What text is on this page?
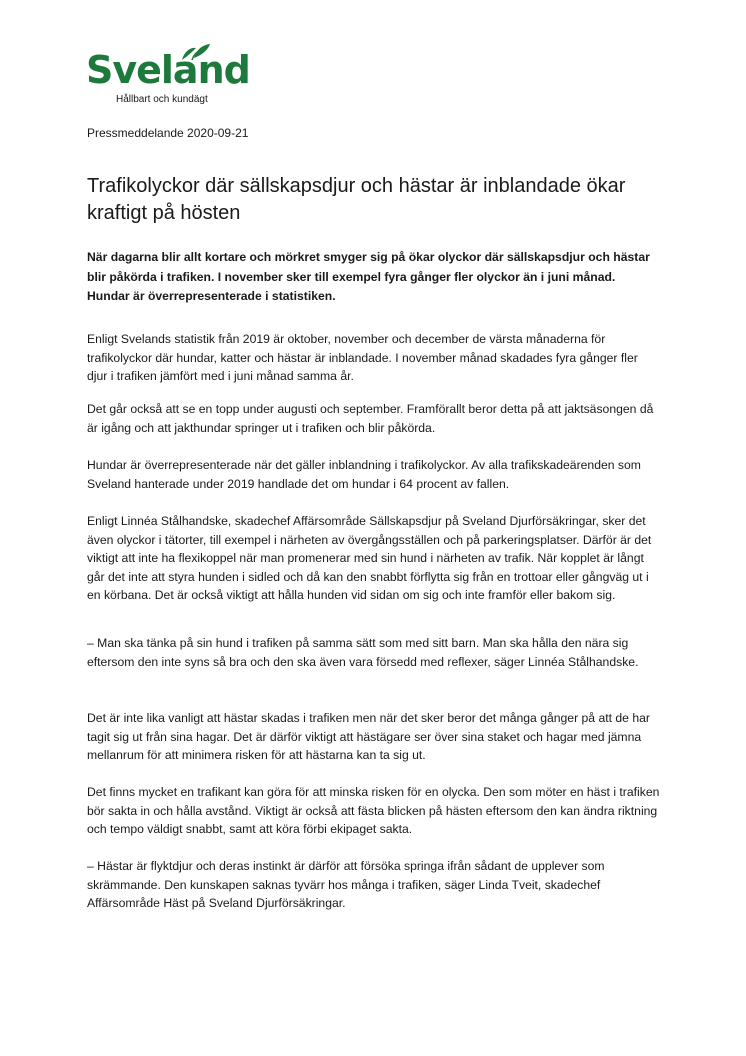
Sveland
Hållbart och kundägt
Pressmeddelande 2020-09-21
Trafikolyckor där sällskapsdjur och hästar är inblandade ökar kraftigt på hösten

När dagarna blir allt kortare och mörkret smyger sig på ökar olyckor där sällskapsdjur och hästar blir påkörda i trafiken. I november sker till exempel fyra gånger fler olyckor än i juni månad. Hundar är överrepresenterade i statistiken.

Enligt Svelands statistik från 2019 är oktober, november och december de värsta månaderna för trafikolyckor där hundar, katter och hästar är inblandade. I november månad skadades fyra gånger fler djur i trafiken jämfört med i juni månad samma år.

Det går också att se en topp under augusti och september. Framförallt beror detta på att jaktsäsongen då är igång och att jakthundar springer ut i trafiken och blir påkörda.

Hundar är överrepresenterade när det gäller inblandning i trafikolyckor. Av alla trafikskadeärenden som Sveland hanterade under 2019 handlade det om hundar i 64 procent av fallen.

Enligt Linnéa Stålhandske, skadechef Affärsområde Sällskapsdjur på Sveland Djurförsäkringar, sker det även olyckor i tätorter, till exempel i närheten av övergångsställen och på parkeringsplatser. Därför är det viktigt att inte ha flexikoppel när man promenerar med sin hund i närheten av trafik. När kopplet är långt går det inte att styra hunden i sidled och då kan den snabbt förflytta sig från en trottoar eller gångväg ut i en körbana. Det är också viktigt att hålla hunden vid sidan om sig och inte framför eller bakom sig.

– Man ska tänka på sin hund i trafiken på samma sätt som med sitt barn. Man ska hålla den nära sig eftersom den inte syns så bra och den ska även vara försedd med reflexer, säger Linnéa Stålhandske.

Det är inte lika vanligt att hästar skadas i trafiken men när det sker beror det många gånger på att de har tagit sig ut från sina hagar. Det är därför viktigt att hästägare ser över sina staket och hagar med jämna mellanrum för att minimera risken för att hästarna kan ta sig ut.

Det finns mycket en trafikant kan göra för att minska risken för en olycka. Den som möter en häst i trafiken bör sakta in och hålla avstånd. Viktigt är också att fästa blicken på hästen eftersom den kan ändra riktning och tempo väldigt snabbt, samt att köra förbi ekipaget sakta.

– Hästar är flyktdjur och deras instinkt är därför att försöka springa ifrån sådant de upplever som skrämmande. Den kunskapen saknas tyvärr hos många i trafiken, säger Linda Tveit, skadechef Affärsområde Häst på Sveland Djurförsäkringar.
